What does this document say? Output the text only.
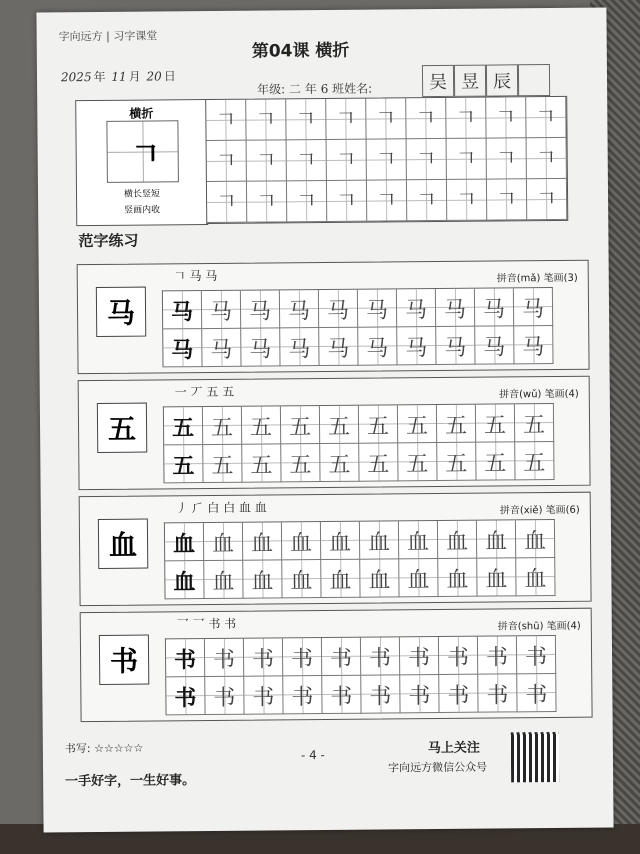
字向远方 | 习字课堂
第04课 横折
2025 年 11 月 20 日
年级: 二 年 6 班姓名:	吴 昱 辰
横折
𠃍
横长竖短
竖画内收
𠃍 𠃍 𠃍 𠃍 𠃍 𠃍 𠃍 𠃍 𠃍
𠃍 𠃍 𠃍 𠃍 𠃍 𠃍 𠃍 𠃍 𠃍
𠃍 𠃍 𠃍 𠃍 𠃍 𠃍 𠃍 𠃍 𠃍
范字练习
马
𠃍 马 马	拼音(mǎ) 笔画(3)
马 马 马 马 马 马 马 马 马 马
马 马 马 马 马 马 马 马 马 马
五
一 丆 五 五	拼音(wǔ) 笔画(4)
五 五 五 五 五 五 五 五 五 五
五 五 五 五 五 五 五 五 五 五
血
丿 ⺁ 白 白 血 血	拼音(xiě) 笔画(6)
血 血 血 血 血 血 血 血 血 血
血 血 血 血 血 血 血 血 血 血
书
乛 乛 书 书	拼音(shū) 笔画(4)
书 书 书 书 书 书 书 书 书 书
书 书 书 书 书 书 书 书 书 书
书写: ☆☆☆☆☆
一手好字，一生好事。
- 4 -	马上关注
字向远方微信公众号
